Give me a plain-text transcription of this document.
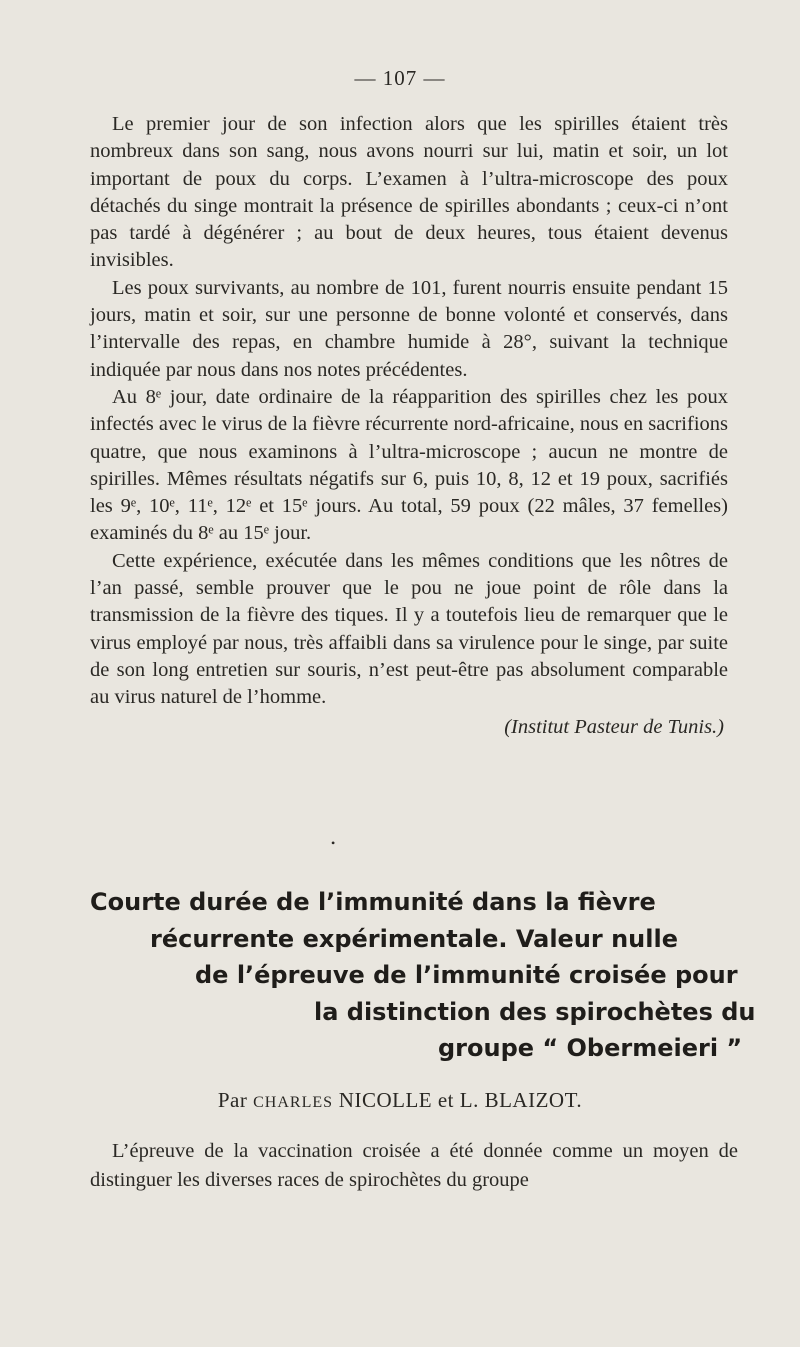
— 107 —

Le premier jour de son infection alors que les spirilles étaient très nombreux dans son sang, nous avons nourri sur lui, matin et soir, un lot important de poux du corps. L’examen à l’ultra-microscope des poux détachés du singe montrait la présence de spirilles abondants ; ceux-ci n’ont pas tardé à dégénérer ; au bout de deux heures, tous étaient devenus invisibles.

Les poux survivants, au nombre de 101, furent nourris ensuite pendant 15 jours, matin et soir, sur une personne de bonne volonté et conservés, dans l’intervalle des repas, en chambre humide à 28°, suivant la technique indiquée par nous dans nos notes précédentes.

Au 8ᵉ jour, date ordinaire de la réapparition des spirilles chez les poux infectés avec le virus de la fièvre récurrente nord-africaine, nous en sacrifions quatre, que nous examinons à l’ultra-microscope ; aucun ne montre de spirilles. Mêmes résultats négatifs sur 6, puis 10, 8, 12 et 19 poux, sacrifiés les 9ᵉ, 10ᵉ, 11ᵉ, 12ᵉ et 15ᵉ jours. Au total, 59 poux (22 mâles, 37 femelles) examinés du 8ᵉ au 15ᵉ jour.

Cette expérience, exécutée dans les mêmes conditions que les nôtres de l’an passé, semble prouver que le pou ne joue point de rôle dans la transmission de la fièvre des tiques. Il y a toutefois lieu de remarquer que le virus employé par nous, très affaibli dans sa virulence pour le singe, par suite de son long entretien sur souris, n’est peut-être pas absolument comparable au virus naturel de l’homme.

(Institut Pasteur de Tunis.)
•
Courte durée de l’immunité dans la fièvre
récurrente expérimentale. Valeur nulle
de l’épreuve de l’immunité croisée pour
la distinction des spirochètes du
groupe “ Obermeieri ”
Par CHARLES NICOLLE et L. BLAIZOT.

L’épreuve de la vaccination croisée a été donnée comme un moyen de distinguer les diverses races de spirochètes du groupe
